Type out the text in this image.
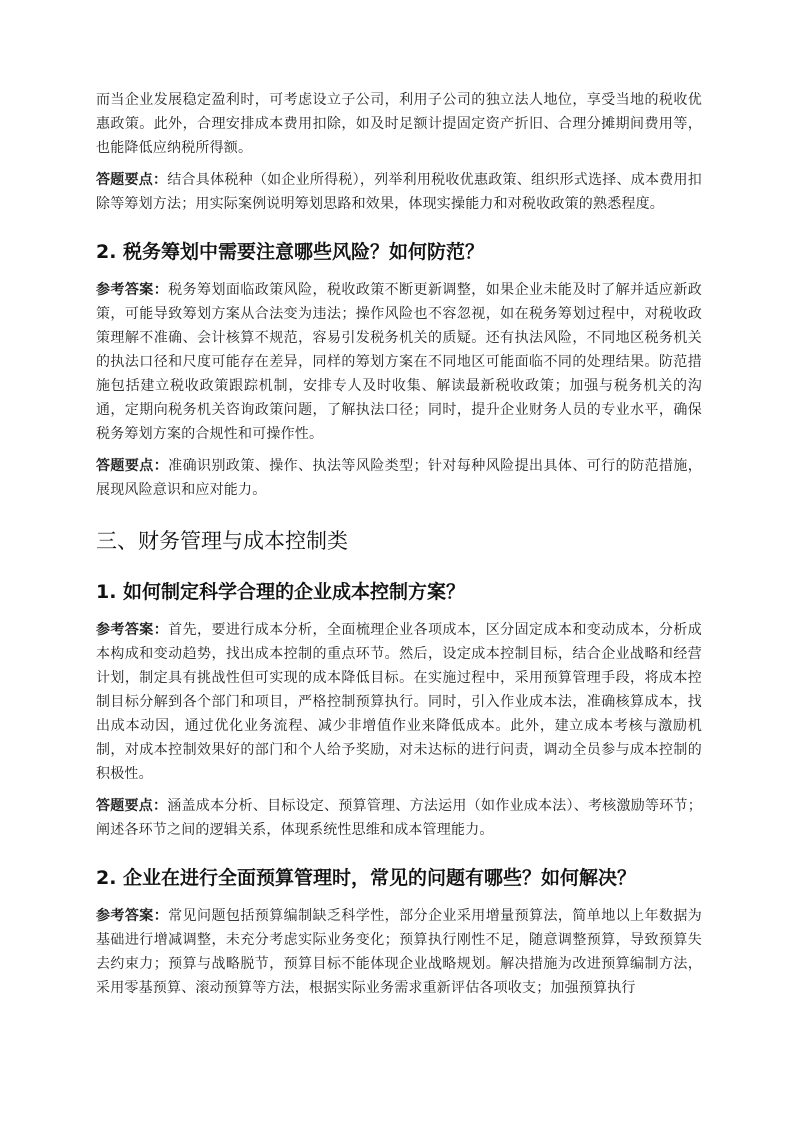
而当企业发展稳定盈利时，可考虑设立子公司，利用子公司的独立法人地位，享受当地的税收优惠政策。此外，合理安排成本费用扣除，如及时足额计提固定资产折旧、合理分摊期间费用等，也能降低应纳税所得额。

答题要点：结合具体税种（如企业所得税），列举利用税收优惠政策、组织形式选择、成本费用扣除等筹划方法；用实际案例说明筹划思路和效果，体现实操能力和对税收政策的熟悉程度。

2. 税务筹划中需要注意哪些风险？如何防范？

参考答案：税务筹划面临政策风险，税收政策不断更新调整，如果企业未能及时了解并适应新政策，可能导致筹划方案从合法变为违法；操作风险也不容忽视，如在税务筹划过程中，对税收政策理解不准确、会计核算不规范，容易引发税务机关的质疑。还有执法风险，不同地区税务机关的执法口径和尺度可能存在差异，同样的筹划方案在不同地区可能面临不同的处理结果。防范措施包括建立税收政策跟踪机制，安排专人及时收集、解读最新税收政策；加强与税务机关的沟通，定期向税务机关咨询政策问题，了解执法口径；同时，提升企业财务人员的专业水平，确保税务筹划方案的合规性和可操作性。

答题要点：准确识别政策、操作、执法等风险类型；针对每种风险提出具体、可行的防范措施，展现风险意识和应对能力。

三、财务管理与成本控制类
1. 如何制定科学合理的企业成本控制方案？

参考答案：首先，要进行成本分析，全面梳理企业各项成本，区分固定成本和变动成本，分析成本构成和变动趋势，找出成本控制的重点环节。然后，设定成本控制目标，结合企业战略和经营计划，制定具有挑战性但可实现的成本降低目标。在实施过程中，采用预算管理手段，将成本控制目标分解到各个部门和项目，严格控制预算执行。同时，引入作业成本法，准确核算成本，找出成本动因，通过优化业务流程、减少非增值作业来降低成本。此外，建立成本考核与激励机制，对成本控制效果好的部门和个人给予奖励，对未达标的进行问责，调动全员参与成本控制的积极性。

答题要点：涵盖成本分析、目标设定、预算管理、方法运用（如作业成本法）、考核激励等环节；阐述各环节之间的逻辑关系，体现系统性思维和成本管理能力。

2. 企业在进行全面预算管理时，常见的问题有哪些？如何解决？

参考答案：常见问题包括预算编制缺乏科学性，部分企业采用增量预算法，简单地以上年数据为基础进行增减调整，未充分考虑实际业务变化；预算执行刚性不足，随意调整预算，导致预算失去约束力；预算与战略脱节，预算目标不能体现企业战略规划。解决措施为改进预算编制方法，采用零基预算、滚动预算等方法，根据实际业务需求重新评估各项收支；加强预算执行
